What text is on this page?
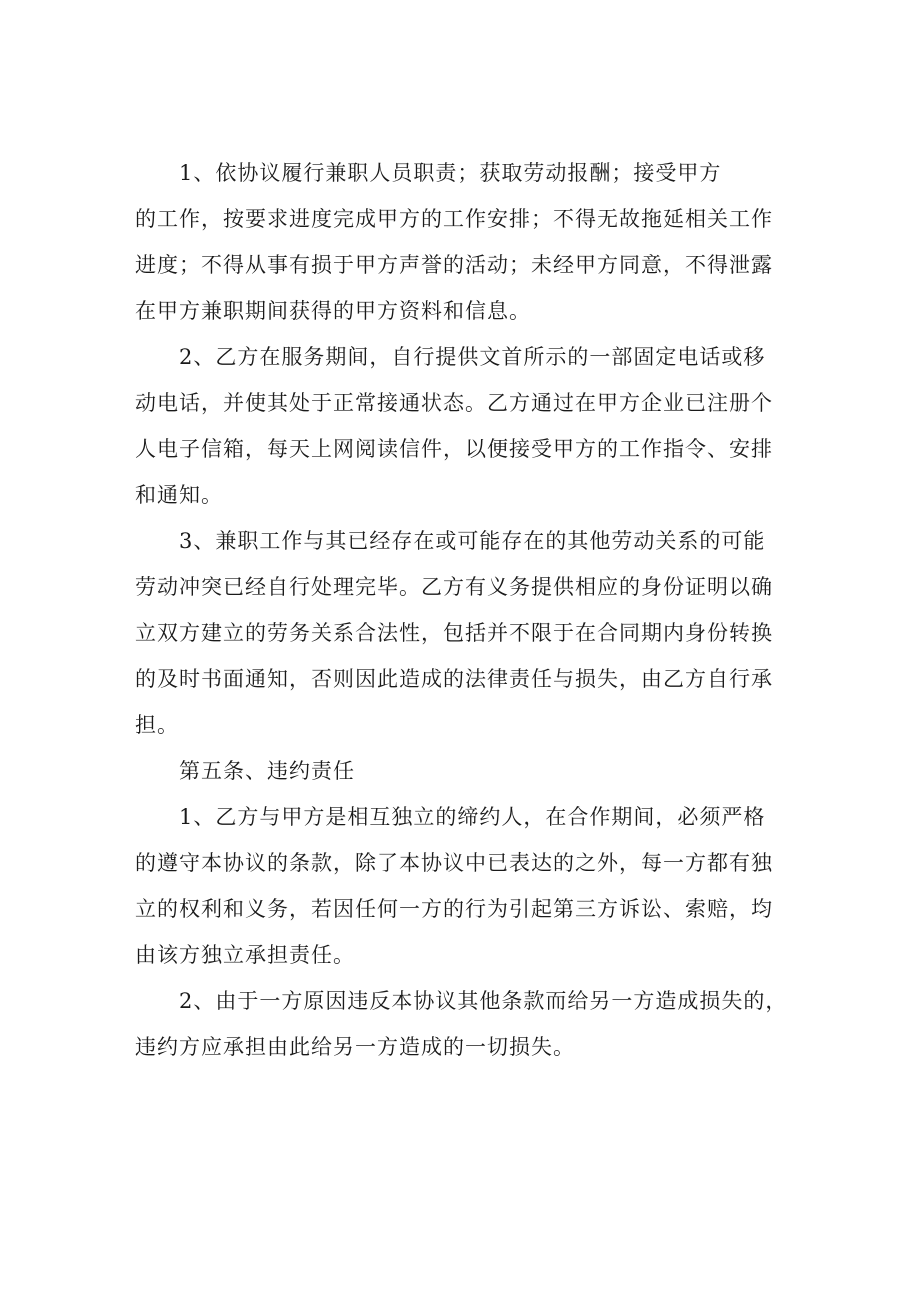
1、依协议履行兼职人员职责；获取劳动报酬；接受甲方
的工作，按要求进度完成甲方的工作安排；不得无故拖延相关工作
进度；不得从事有损于甲方声誉的活动；未经甲方同意，不得泄露
在甲方兼职期间获得的甲方资料和信息。
2、乙方在服务期间，自行提供文首所示的一部固定电话或移
动电话，并使其处于正常接通状态。乙方通过在甲方企业已注册个
人电子信箱，每天上网阅读信件，以便接受甲方的工作指令、安排
和通知。
3、兼职工作与其已经存在或可能存在的其他劳动关系的可能
劳动冲突已经自行处理完毕。乙方有义务提供相应的身份证明以确
立双方建立的劳务关系合法性，包括并不限于在合同期内身份转换
的及时书面通知，否则因此造成的法律责任与损失，由乙方自行承
担。
第五条、违约责任
1、乙方与甲方是相互独立的缔约人，在合作期间，必须严格
的遵守本协议的条款，除了本协议中已表达的之外，每一方都有独
立的权利和义务，若因任何一方的行为引起第三方诉讼、索赔，均
由该方独立承担责任。
2、由于一方原因违反本协议其他条款而给另一方造成损失的，
违约方应承担由此给另一方造成的一切损失。
